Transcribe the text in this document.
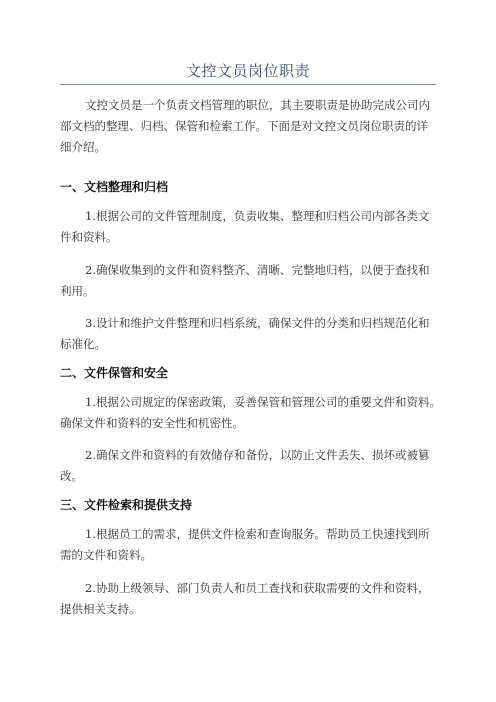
文控文员岗位职责
文控文员是一个负责文档管理的职位，其主要职责是协助完成公司内
部文档的整理、归档、保管和检索工作。下面是对文控文员岗位职责的详
细介绍。
一、文档整理和归档
1.根据公司的文件管理制度，负责收集、整理和归档公司内部各类文
件和资料。
2.确保收集到的文件和资料整齐、清晰、完整地归档，以便于查找和
利用。
3.设计和维护文件整理和归档系统，确保文件的分类和归档规范化和
标准化。
二、文件保管和安全
1.根据公司规定的保密政策，妥善保管和管理公司的重要文件和资料。
确保文件和资料的安全性和机密性。
2.确保文件和资料的有效储存和备份，以防止文件丢失、损坏或被篡
改。
三、文件检索和提供支持
1.根据员工的需求，提供文件检索和查询服务。帮助员工快速找到所
需的文件和资料。
2.协助上级领导、部门负责人和员工查找和获取需要的文件和资料，
提供相关支持。
